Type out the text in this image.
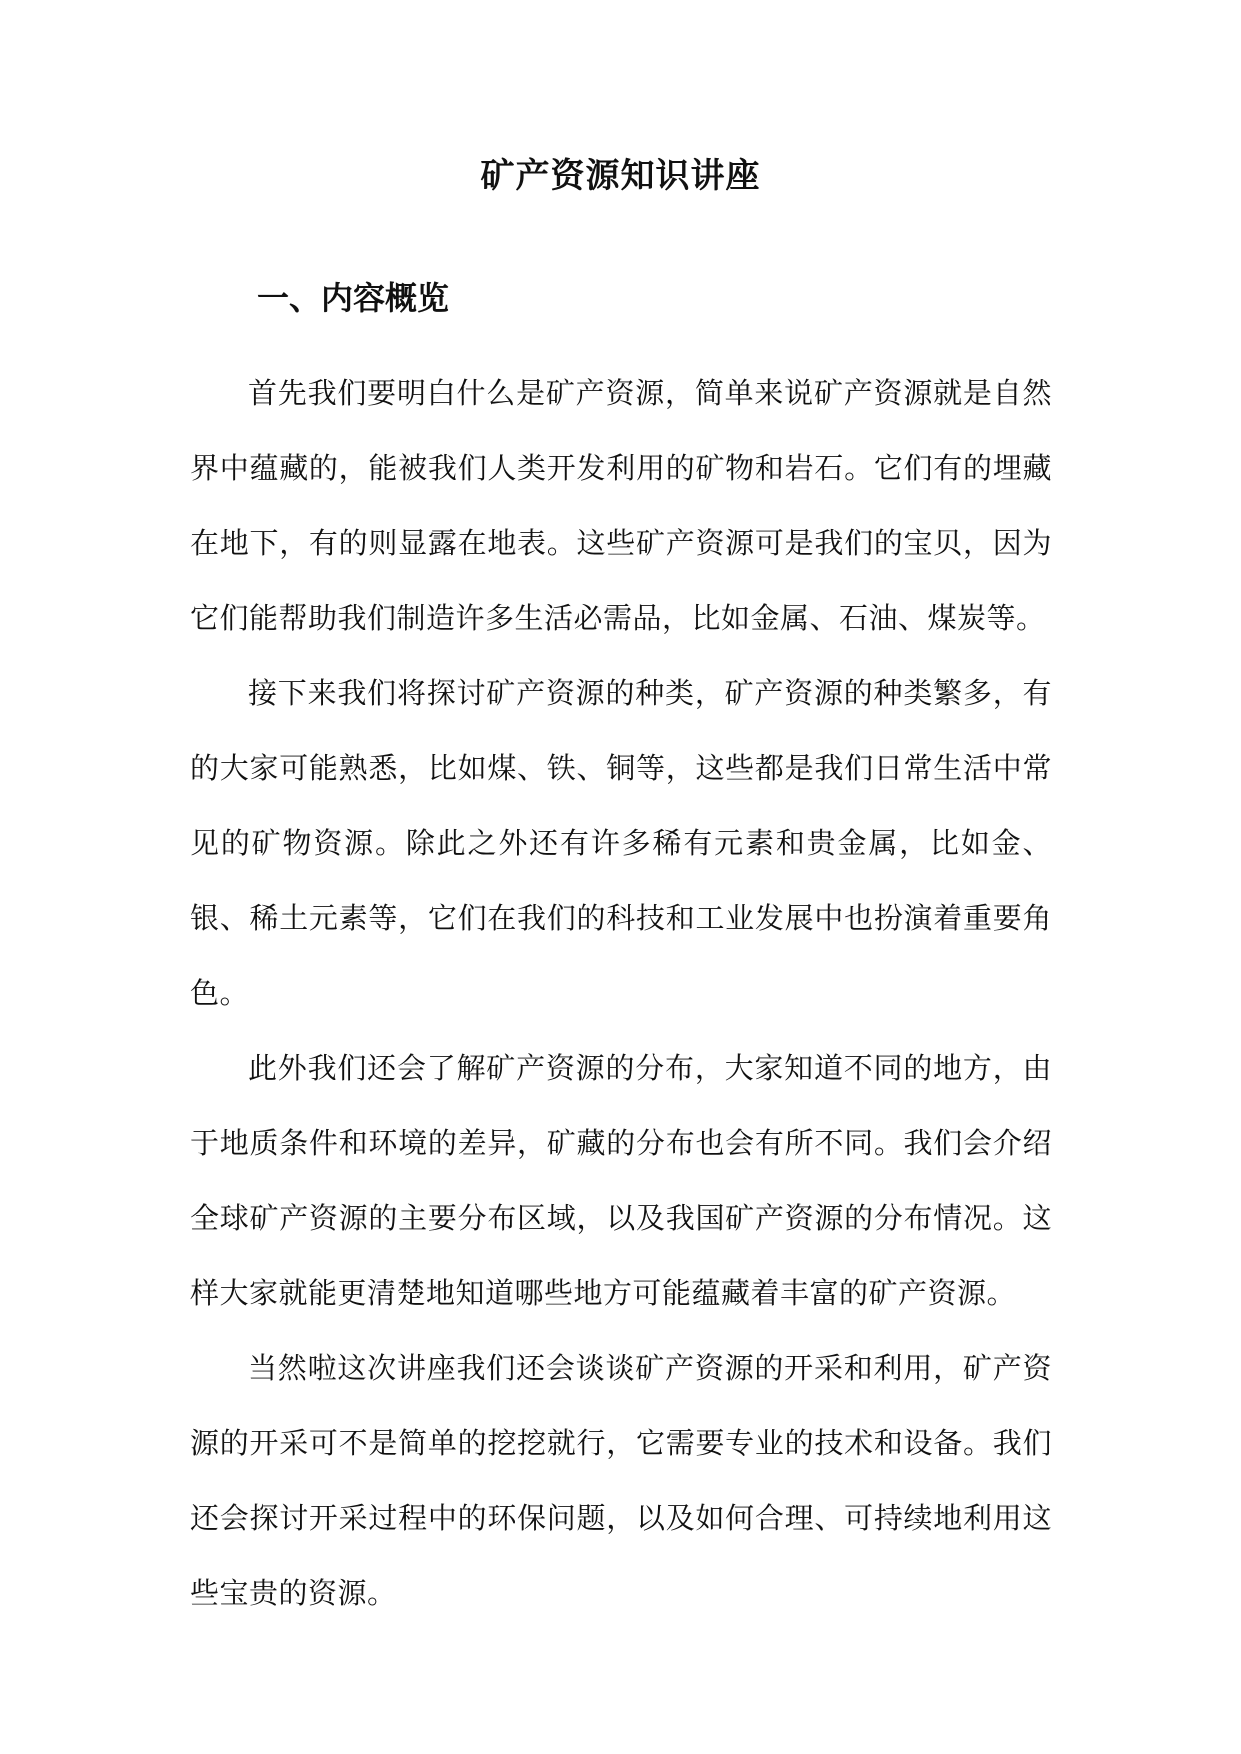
矿产资源知识讲座
一、内容概览

首先我们要明白什么是矿产资源，简单来说矿产资源就是自然界中蕴藏的，能被我们人类开发利用的矿物和岩石。它们有的埋藏在地下，有的则显露在地表。这些矿产资源可是我们的宝贝，因为它们能帮助我们制造许多生活必需品，比如金属、石油、煤炭等。

接下来我们将探讨矿产资源的种类，矿产资源的种类繁多，有的大家可能熟悉，比如煤、铁、铜等，这些都是我们日常生活中常见的矿物资源。除此之外还有许多稀有元素和贵金属，比如金、银、稀土元素等，它们在我们的科技和工业发展中也扮演着重要角色。

此外我们还会了解矿产资源的分布，大家知道不同的地方，由于地质条件和环境的差异，矿藏的分布也会有所不同。我们会介绍全球矿产资源的主要分布区域，以及我国矿产资源的分布情况。这样大家就能更清楚地知道哪些地方可能蕴藏着丰富的矿产资源。

当然啦这次讲座我们还会谈谈矿产资源的开采和利用，矿产资源的开采可不是简单的挖挖就行，它需要专业的技术和设备。我们还会探讨开采过程中的环保问题，以及如何合理、可持续地利用这些宝贵的资源。
